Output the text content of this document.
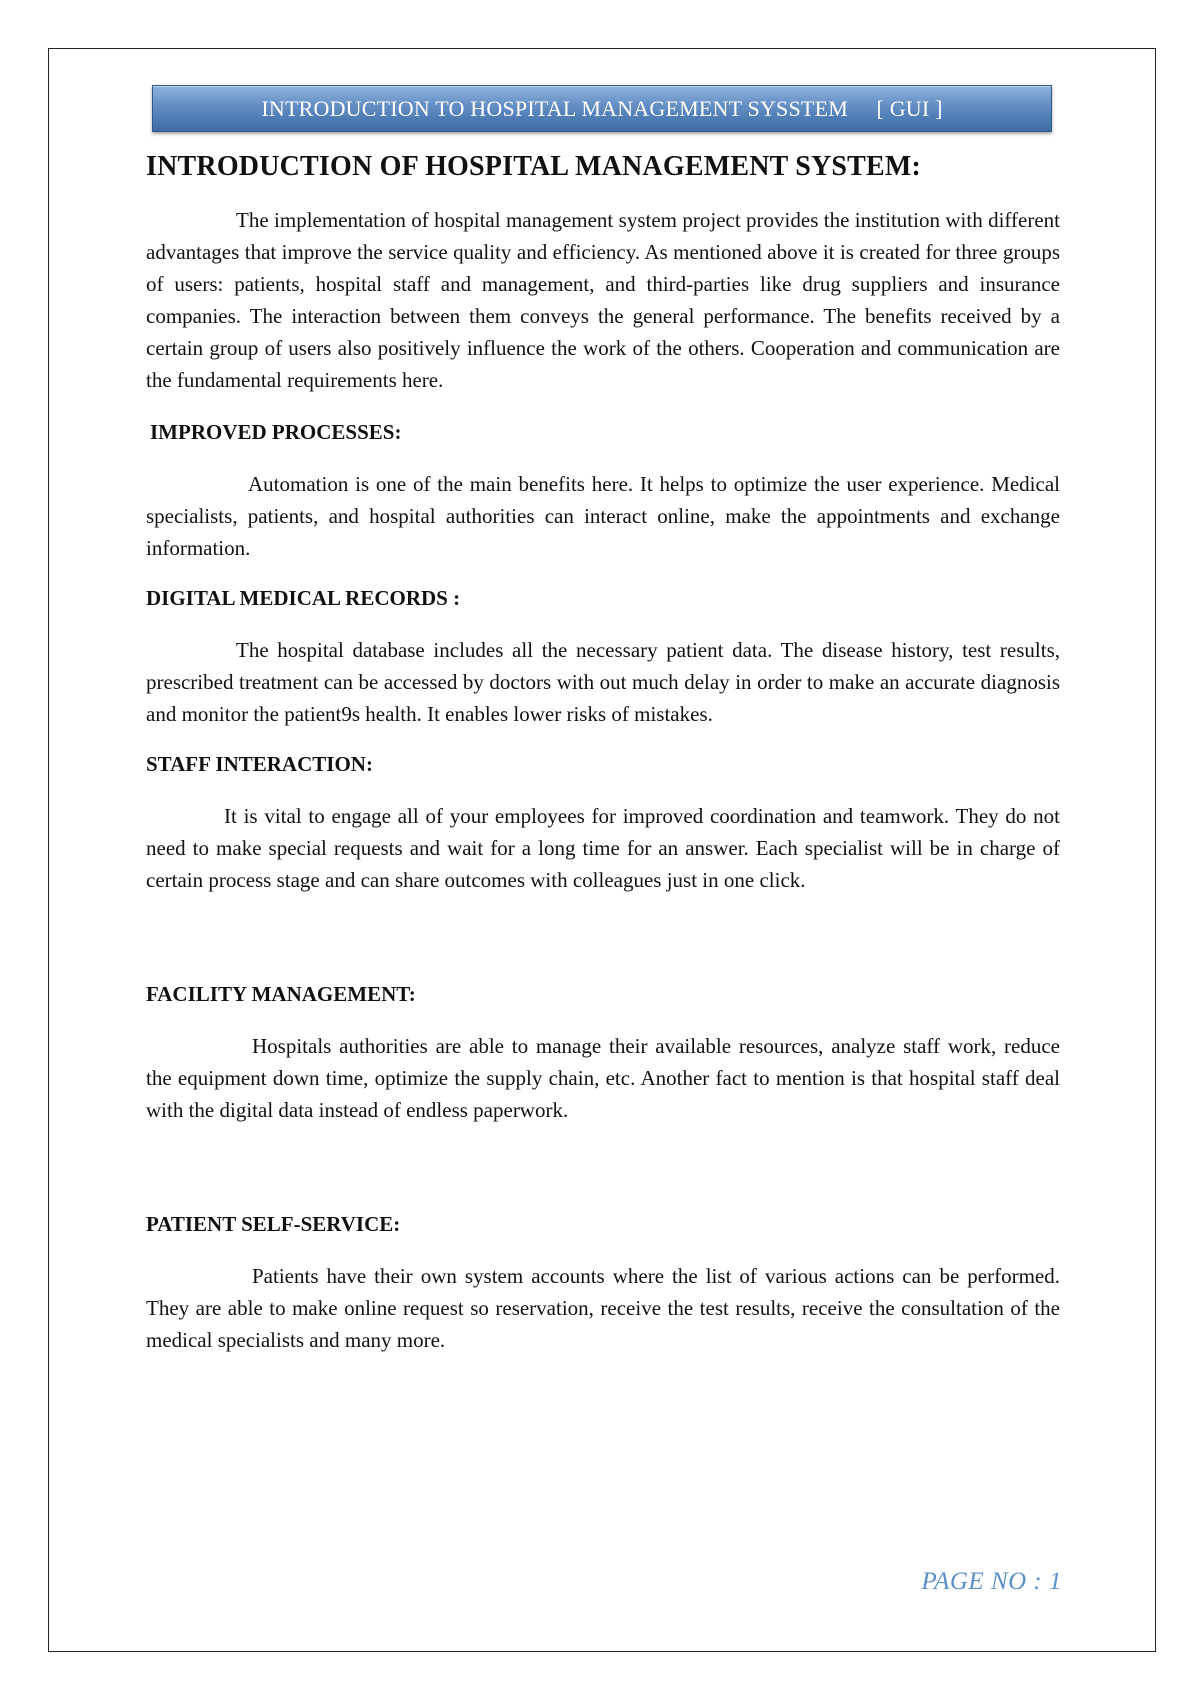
INTRODUCTION TO HOSPITAL MANAGEMENT SYSSTEM     [ GUI ]
INTRODUCTION OF HOSPITAL MANAGEMENT SYSTEM:

The implementation of hospital management system project provides the institution with different advantages that improve the service quality and efficiency. As mentioned above it is created for three groups of users: patients, hospital staff and management, and third-parties like drug suppliers and insurance companies. The interaction between them conveys the general performance. The benefits received by a certain group of users also positively influence the work of the others. Cooperation and communication are the fundamental requirements here.

IMPROVED PROCESSES:

Automation is one of the main benefits here. It helps to optimize the user experience. Medical specialists, patients, and hospital authorities can interact online, make the appointments and exchange information.

DIGITAL MEDICAL RECORDS :

The hospital database includes all the necessary patient data. The disease history, test results, prescribed treatment can be accessed by doctors with out much delay in order to make an accurate diagnosis and monitor the patient9s health. It enables lower risks of mistakes.

STAFF INTERACTION:

It is vital to engage all of your employees for improved coordination and teamwork. They do not need to make special requests and wait for a long time for an answer. Each specialist will be in charge of certain process stage and can share outcomes with colleagues just in one click.

FACILITY MANAGEMENT:

Hospitals authorities are able to manage their available resources, analyze staff work, reduce the equipment down time, optimize the supply chain, etc. Another fact to mention is that hospital staff deal with the digital data instead of endless paperwork.

PATIENT SELF-SERVICE:

Patients have their own system accounts where the list of various actions can be performed. They are able to make online request so reservation, receive the test results, receive the consultation of the medical specialists and many more.

PAGE NO : 1
